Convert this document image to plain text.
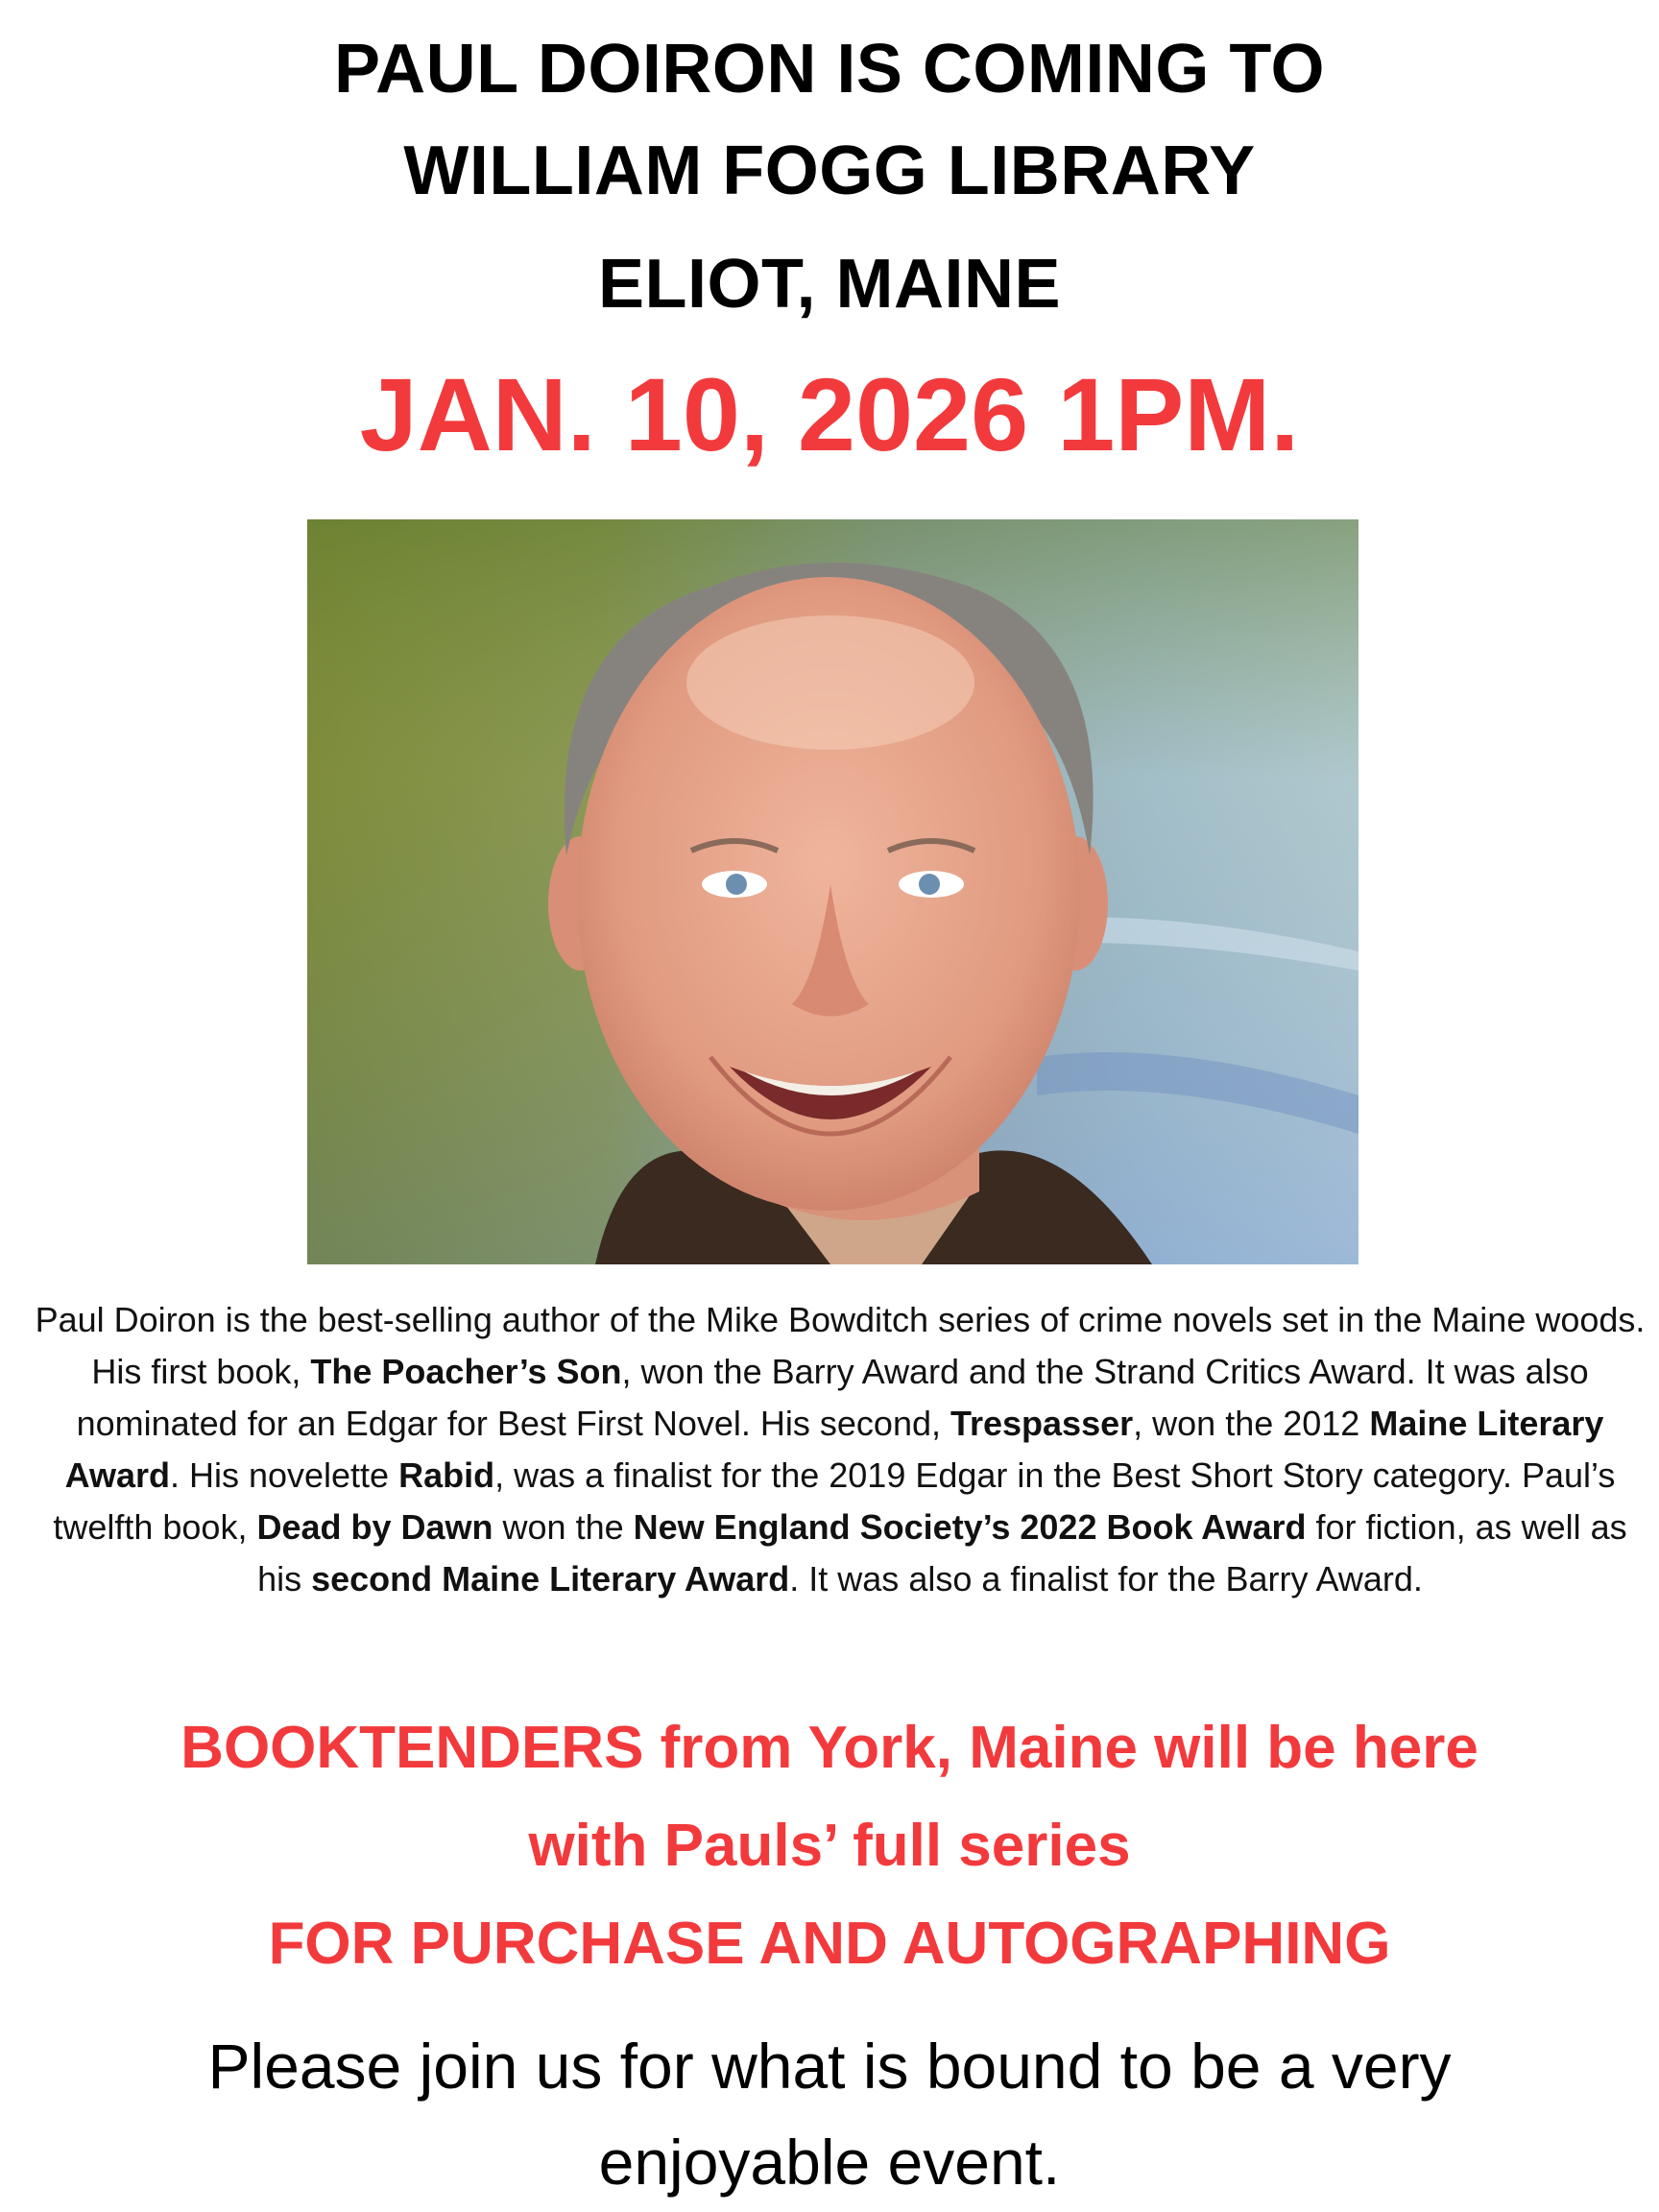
PAUL DOIRON IS COMING TO
WILLIAM FOGG LIBRARY
ELIOT, MAINE
JAN. 10, 2026 1PM.
Paul Doiron is the best-selling author of the Mike Bowditch series of crime novels set in the Maine woods. His first book, The Poacher’s Son, won the Barry Award and the Strand Critics Award. It was also nominated for an Edgar for Best First Novel. His second, Trespasser, won the 2012 Maine Literary Award. His novelette Rabid, was a finalist for the 2019 Edgar in the Best Short Story category. Paul’s twelfth book, Dead by Dawn won the New England Society’s 2022 Book Award for fiction, as well as his second Maine Literary Award. It was also a finalist for the Barry Award.
BOOKTENDERS from York, Maine will be here
with Pauls’ full series
FOR PURCHASE AND AUTOGRAPHING
Please join us for what is bound to be a very
enjoyable event.
